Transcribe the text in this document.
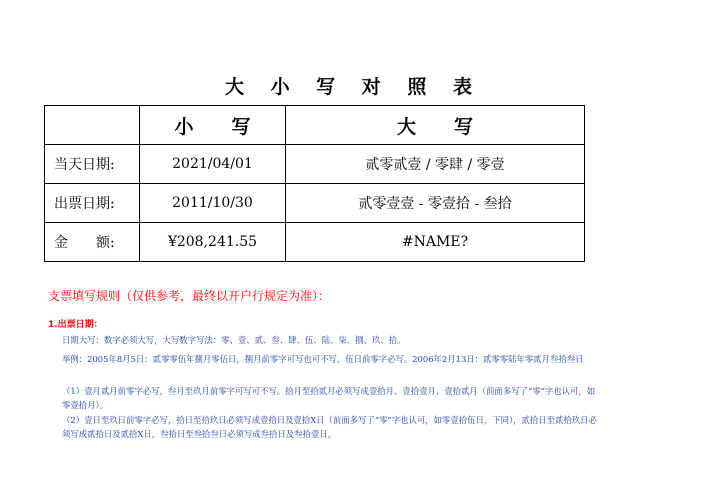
大 小 写 对 照 表
	小　　写	大　　写
当天日期:	2021/04/01	贰零贰壹 / 零肆 / 零壹
出票日期:	2011/10/30	贰零壹壹 - 零壹拾 - 叁拾
金　　额:	¥208,241.55	#NAME?
支票填写规则（仅供参考，最终以开户行规定为准）：
1.出票日期：
日期大写：数字必须大写，大写数字写法：零、壹、贰、叁、肆、伍、陆、柒、捌、玖、拾。
举例：2005年8月5日：贰零零伍年捌月零伍日，捌月前零字可写也可不写，伍日前零字必写。2006年2月13日：贰零零陆年零贰月叁拾叁日
（1）壹月贰月前零字必写，叁月至玖月前零字可写可不写。拾月至拾贰月必须写成壹拾月、壹拾壹月、壹拾贰月（前面多写了“零”字也认可，如零壹拾月）。
（2）壹日至玖日前零字必写，拾日至拾玖日必须写成壹拾日及壹拾X日（前面多写了“零”字也认可，如零壹拾伍日，下同），贰拾日至贰拾玖日必须写成贰拾日及贰拾X日，叁拾日至叁拾叁日必须写成叁拾日及叁拾壹日。
